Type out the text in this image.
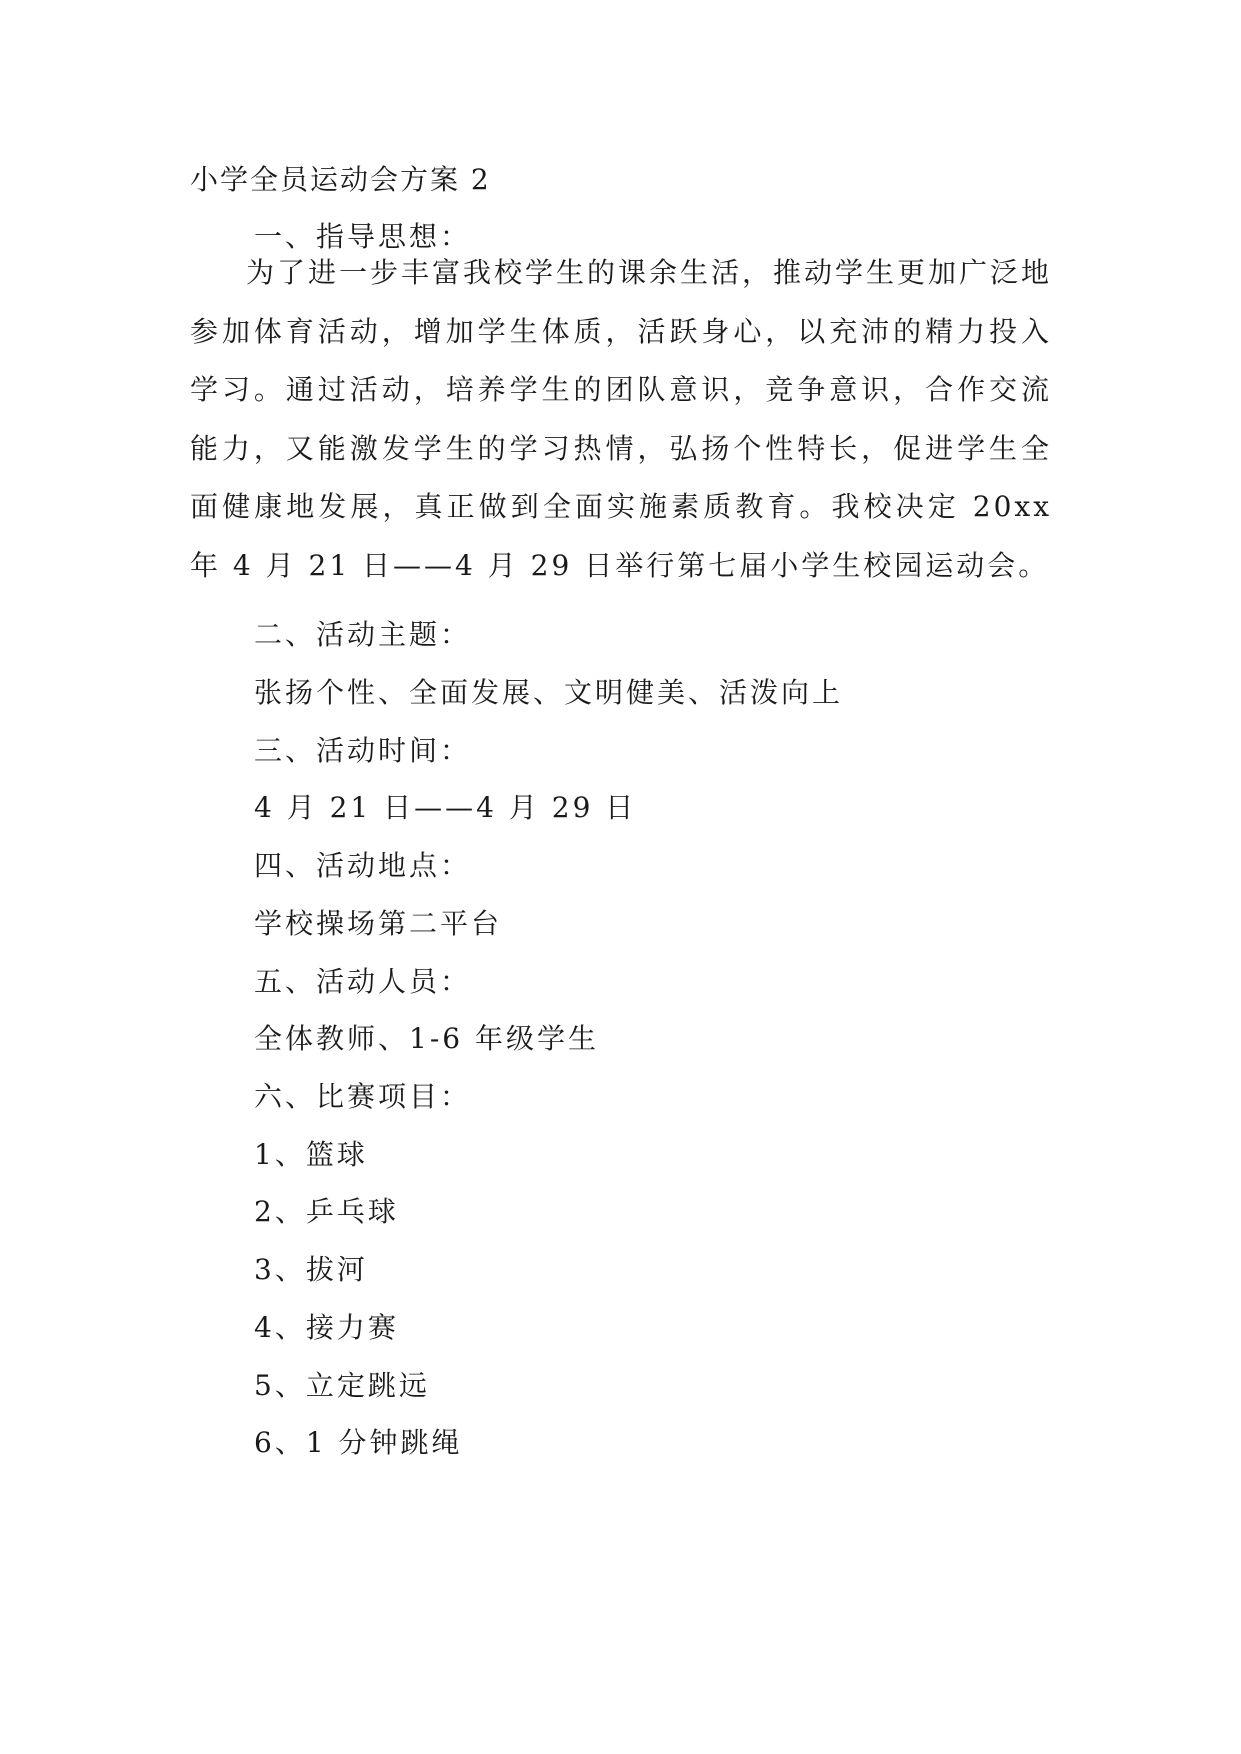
小学全员运动会方案 2
一、指导思想：

为了进一步丰富我校学生的课余生活，推动学生更加广泛地参加体育活动，增加学生体质，活跃身心，以充沛的精力投入学习。通过活动，培养学生的团队意识，竞争意识，合作交流能力，又能激发学生的学习热情，弘扬个性特长，促进学生全面健康地发展，真正做到全面实施素质教育。我校决定 20xx 年 4 月 21 日——4 月 29 日举行第七届小学生校园运动会。

二、活动主题：
张扬个性、全面发展、文明健美、活泼向上
三、活动时间：
4 月 21 日——4 月 29 日
四、活动地点：
学校操场第二平台
五、活动人员：
全体教师、1-6 年级学生
六、比赛项目：
1、篮球
2、乒乓球
3、拔河
4、接力赛
5、立定跳远
6、1 分钟跳绳
